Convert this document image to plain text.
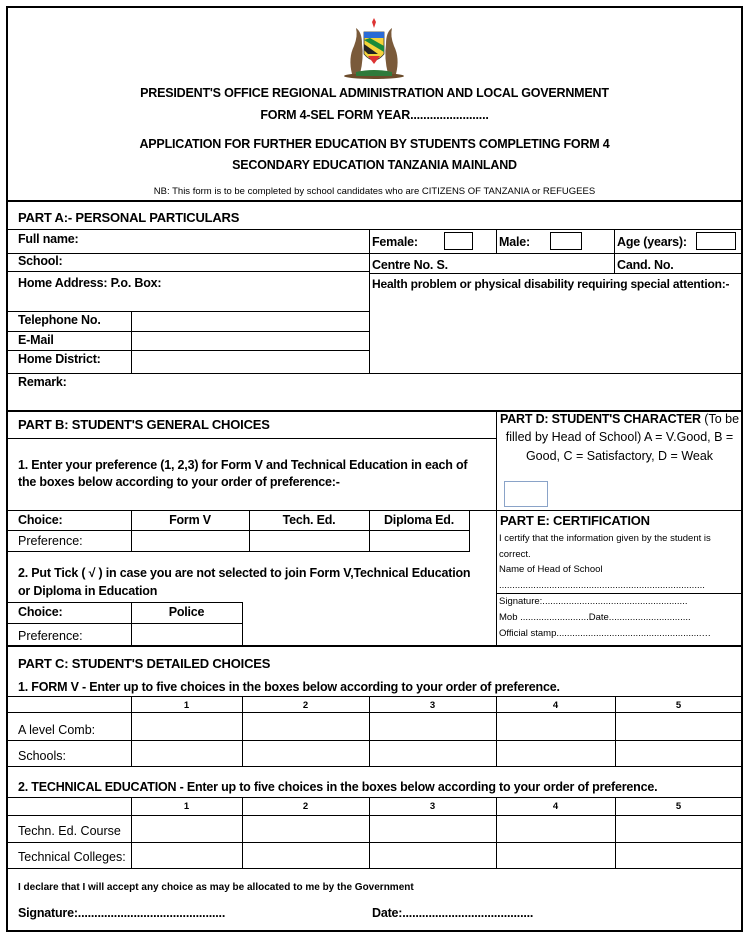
PRESIDENT'S OFFICE REGIONAL ADMINISTRATION AND LOCAL GOVERNMENT
FORM 4-SEL FORM YEAR........................
APPLICATION FOR FURTHER EDUCATION BY STUDENTS COMPLETING FORM 4
SECONDARY EDUCATION TANZANIA MAINLAND
NB: This form is to be completed by school candidates who are CITIZENS OF TANZANIA or REFUGEES
PART A:- PERSONAL PARTICULARS
Full name:	Female:	Male:	Age (years):
School:	Centre No. S.	Cand. No.
Home Address: P.o. Box:	Health problem or physical disability requiring special attention:-
Telephone No.
E-Mail
Home District:
Remark:
PART B: STUDENT'S GENERAL CHOICES
1. Enter your preference (1, 2,3) for Form V and Technical Education in each of
the boxes below according to your order of preference:-
PART D: STUDENT'S CHARACTER (To be
filled by Head of School) A = V.Good, B =
Good, C = Satisfactory, D = Weak
Choice:	Form V	Tech. Ed.	Diploma Ed.
Preference:
PART E: CERTIFICATION
I certify that the information given by the student is
correct.
Name of Head of School
..............................................................................
Signature:.......................................................
Mob ..........................Date...............................
Official stamp.......................................................…
2. Put Tick ( √ ) in case you are not selected to join Form V,Technical Education
or Diploma in Education
Choice:	Police
Preference:
PART C: STUDENT'S DETAILED CHOICES
1. FORM V - Enter up to five choices in the boxes below according to your order of preference.
1	2	3	4	5
A level Comb:
Schools:
2. TECHNICAL EDUCATION - Enter up to five choices in the boxes below according to your order of preference.
1	2	3	4	5
Techn. Ed. Course
Technical Colleges:
I declare that I will accept any choice as may be allocated to me by the Government
Signature:.............................................	Date:........................................
